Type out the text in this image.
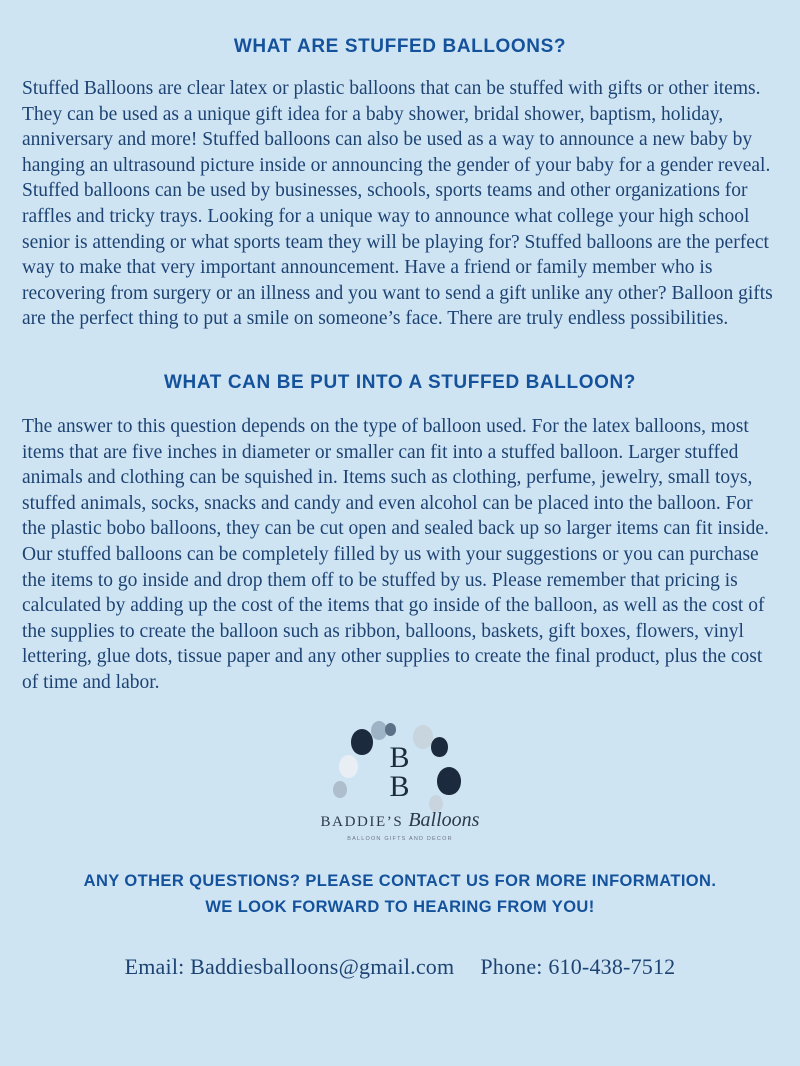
WHAT ARE STUFFED BALLOONS?

Stuffed Balloons are clear latex or plastic balloons that can be stuffed with gifts or other items. They can be used as a unique gift idea for a baby shower, bridal shower, baptism, holiday, anniversary and more! Stuffed balloons can also be used as a way to announce a new baby by hanging an ultrasound picture inside or announcing the gender of your baby for a gender reveal. Stuffed balloons can be used by businesses, schools, sports teams and other organizations for raffles and tricky trays. Looking for a unique way to announce what college your high school senior is attending or what sports team they will be playing for? Stuffed balloons are the perfect way to make that very important announcement. Have a friend or family member who is recovering from surgery or an illness and you want to send a gift unlike any other? Balloon gifts are the perfect thing to put a smile on someone’s face. There are truly endless possibilities.

WHAT CAN BE PUT INTO A STUFFED BALLOON?

The answer to this question depends on the type of balloon used. For the latex balloons, most items that are five inches in diameter or smaller can fit into a stuffed balloon. Larger stuffed animals and clothing can be squished in. Items such as clothing, perfume, jewelry, small toys, stuffed animals, socks, snacks and candy and even alcohol can be placed into the balloon. For the plastic bobo balloons, they can be cut open and sealed back up so larger items can fit inside. Our stuffed balloons can be completely filled by us with your suggestions or you can purchase the items to go inside and drop them off to be stuffed by us. Please remember that pricing is calculated by adding up the cost of the items that go inside of the balloon, as well as the cost of the supplies to create the balloon such as ribbon, balloons, baskets, gift boxes, flowers, vinyl lettering, glue dots, tissue paper and any other supplies to create the final product, plus the cost of time and labor.

B
B
BADDIE’S Balloons
BALLOON GIFTS AND DECOR
ANY OTHER QUESTIONS? PLEASE CONTACT US FOR MORE INFORMATION.
WE LOOK FORWARD TO HEARING FROM YOU!
Email: Baddiesballoons@gmail.com Phone: 610-438-7512
